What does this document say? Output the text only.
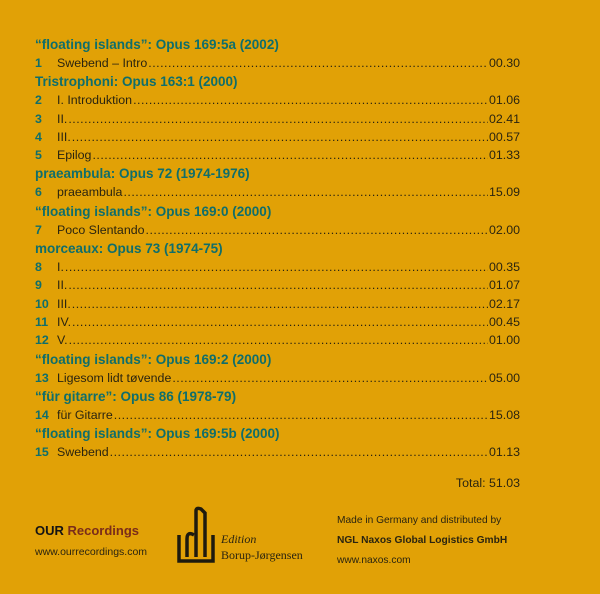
“floating islands”: Opus 169:5a (2002)
1	Swebend – Intro .....	00.30
Tristrophoni: Opus 163:1 (2000)
2	I. Introduktion .....	01.06
3	II. .....	02.41
4	III. .....	00.57
5	Epilog .....	01.33
praeambula: Opus 72 (1974-1976)
6	praeambula .....	15.09
“floating islands”: Opus 169:0 (2000)
7	Poco Slentando .....	02.00
morceaux: Opus 73 (1974-75)
8	I. .....	00.35
9	II. .....	01.07
10 III. .....	02.17
11 IV. .....	00.45
12 V. .....	01.00
“floating islands”: Opus 169:2 (2000)
13 Ligesom lidt tøvende .....	05.00
“für gitarre”: Opus 86 (1978-79)
14 für Gitarre .....	15.08
“floating islands”: Opus 169:5b (2000)
15 Swebend .....	01.13
Total: 51.03
OUR Recordings
www.ourrecordings.com
Edition
Borup-Jørgensen
Made in Germany and distributed by
NGL Naxos Global Logistics GmbH
www.naxos.com
